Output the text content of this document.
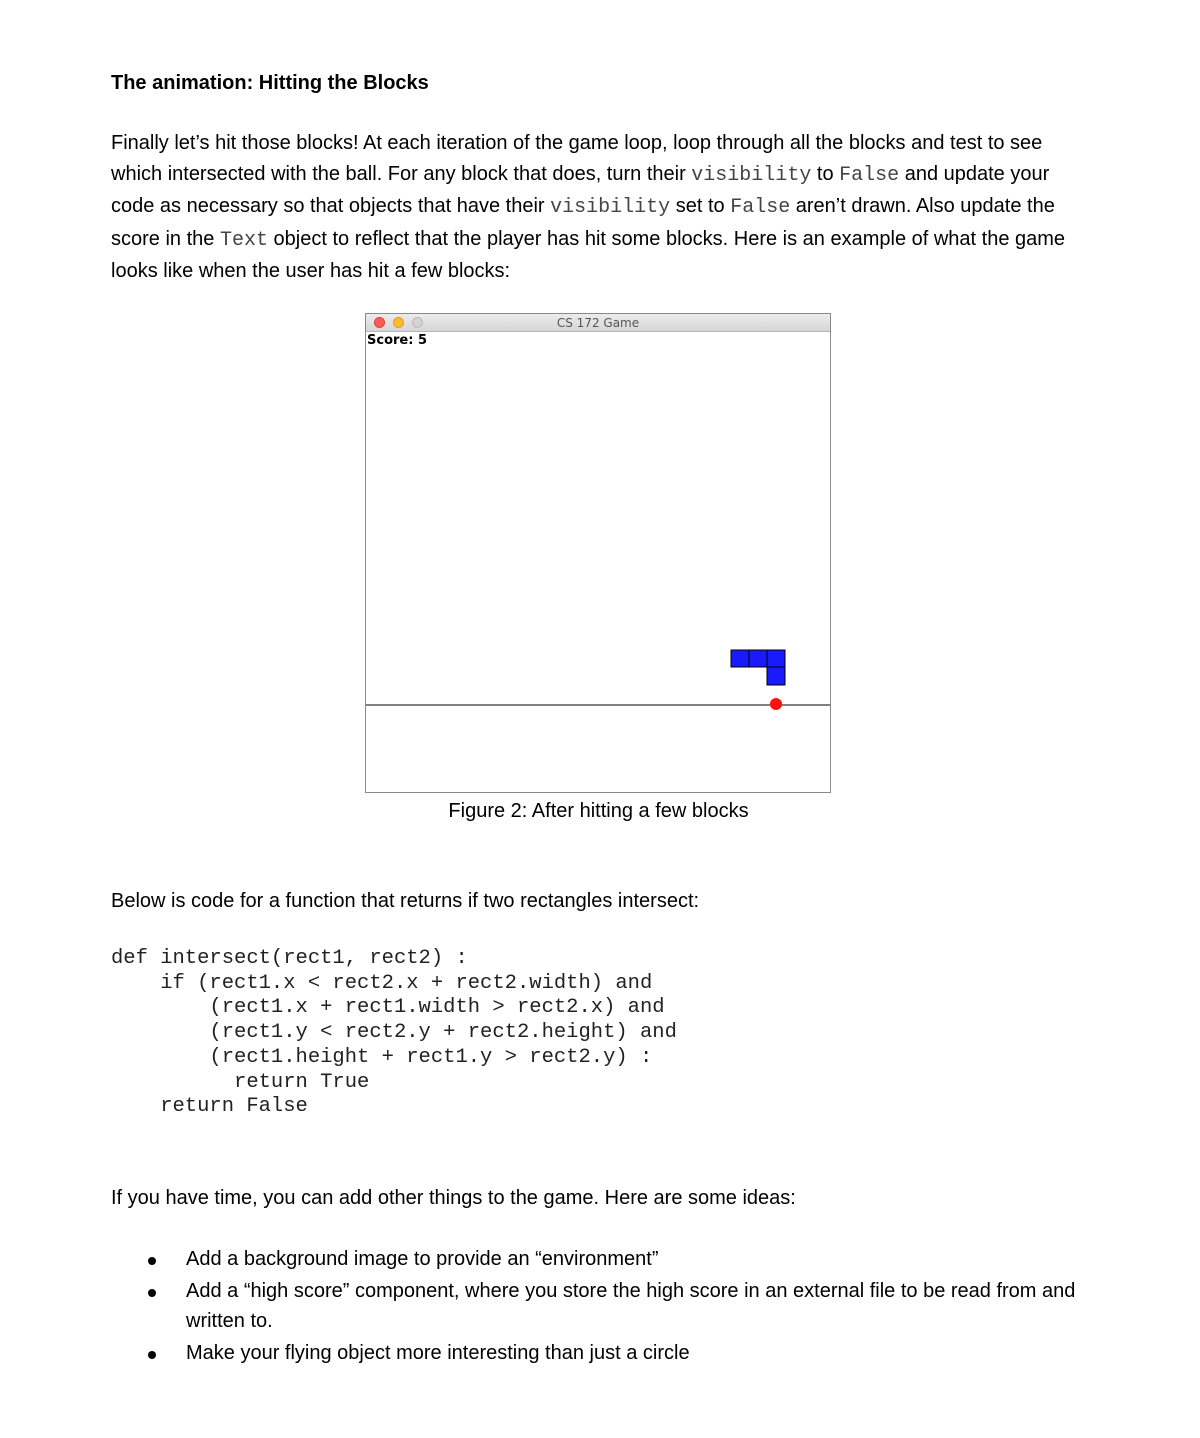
The animation: Hitting the Blocks
Finally let’s hit those blocks! At each iteration of the game loop, loop through all the blocks and test to see which intersected with the ball. For any block that does, turn their visibility to False and update your code as necessary so that objects that have their visibility set to False aren’t drawn. Also update the score in the Text object to reflect that the player has hit some blocks. Here is an example of what the game looks like when the user has hit a few blocks:
CS 172 Game
Score: 5
Figure 2: After hitting a few blocks
Below is code for a function that returns if two rectangles intersect:
def intersect(rect1, rect2) :
if (rect1.x < rect2.x + rect2.width) and
(rect1.x + rect1.width > rect2.x) and
(rect1.y < rect2.y + rect2.height) and
(rect1.height + rect1.y > rect2.y) :
return True
return False
If you have time, you can add other things to the game. Here are some ideas:
Add a background image to provide an “environment”
Add a “high score” component, where you store the high score in an external file to be read from and written to.
Make your flying object more interesting than just a circle
